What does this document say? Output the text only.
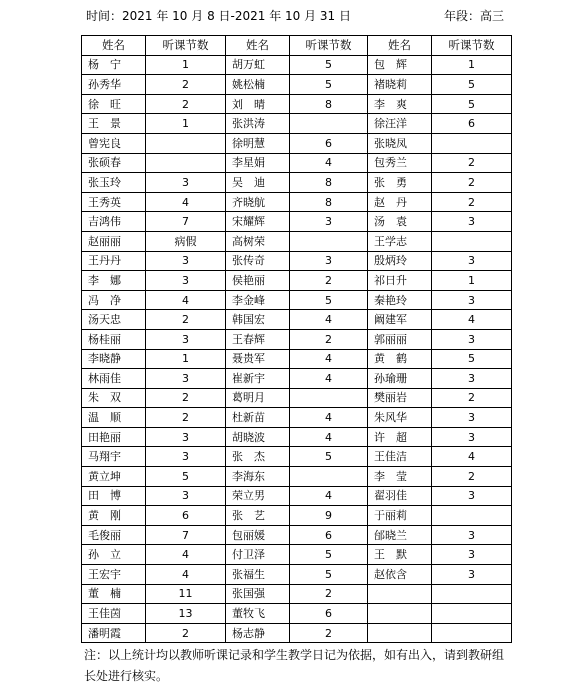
时间：2021 年 10 月 8 日-2021 年 10 月 31 日	年段：高三
姓名	听课节数	姓名	听课节数	姓名	听课节数
杨　宁	1	胡万虹	5	包　辉	1
孙秀华	2	姚松楠	5	褚晓莉	5
徐　旺	2	刘　晴	8	李　爽	5
王　景	1	张洪涛		徐汪洋	6
曾宪良		徐明慧	6	张晓凤	
张硕春		李星娟	4	包秀兰	2
张玉玲	3	吴　迪	8	张　勇	2
王秀英	4	齐晓航	8	赵　丹	2
吉鸿伟	7	宋耀辉	3	汤　袁	3
赵丽丽	病假	高树荣		王学志	
王丹丹	3	张传奇	3	殷炳玲	3
李　娜	3	侯艳丽	2	祁日升	1
冯　净	4	李金峰	5	秦艳玲	3
汤天忠	2	韩国宏	4	阚建军	4
杨桂丽	3	王春辉	2	郭丽丽	3
李晓静	1	聂贵军	4	黄　鹤	5
林雨佳	3	崔新宇	4	孙瑜珊	3
朱　双	2	葛明月		樊丽岩	2
温　顺	2	杜新苗	4	朱风华	3
田艳丽	3	胡晓波	4	许　超	3
马翔宇	3	张　杰	5	王佳洁	4
黄立坤	5	李海东		李　莹	2
田　博	3	荣立男	4	翟羽佳	3
黄　刚	6	张　艺	9	于丽莉	
毛俊丽	7	包丽媛	6	邰晓兰	3
孙　立	4	付卫泽	5	王　默	3
王宏宇	4	张福生	5	赵依含	3
董　楠	11	张国强	2		
王佳茵	13	董牧飞	6		
潘明霞	2	杨志静	2		
注：以上统计均以教师听课记录和学生教学日记为依据，如有出入，请到教研组长处进行核实。
